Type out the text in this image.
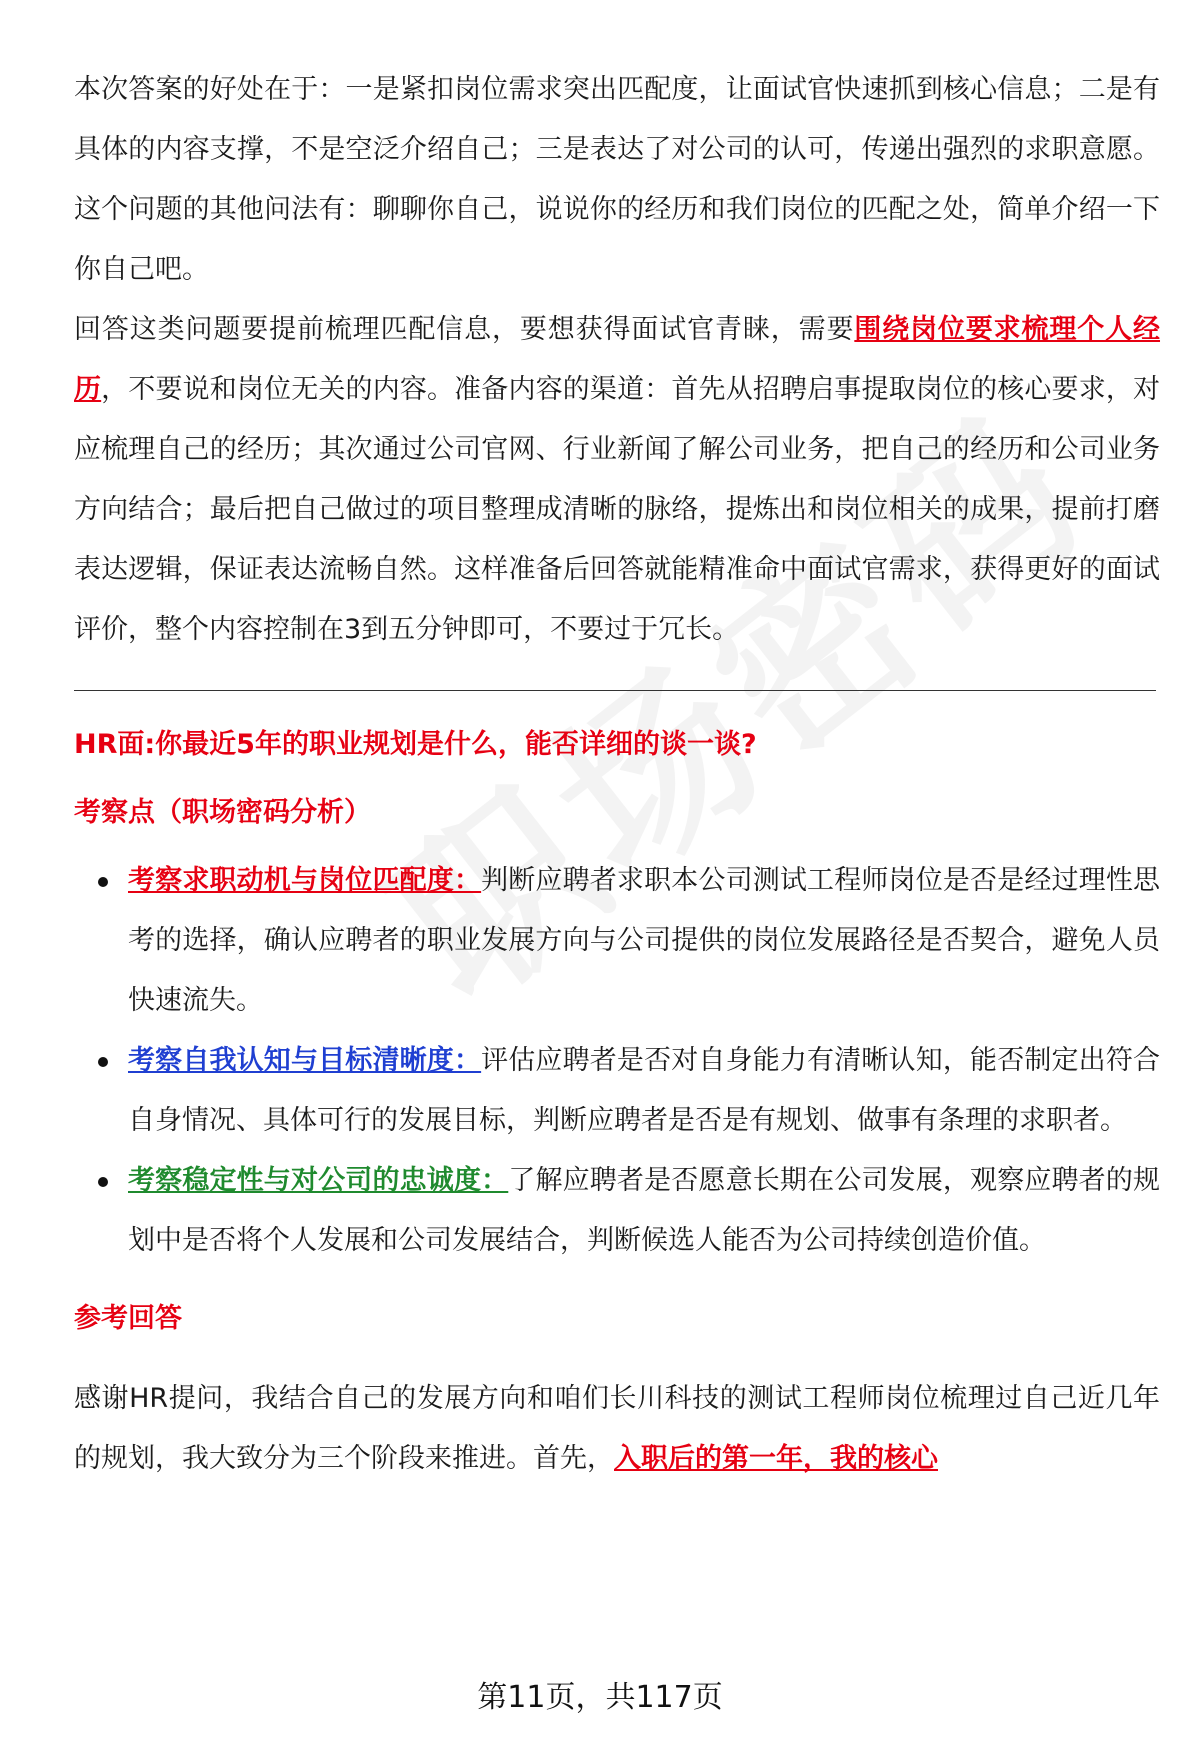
本次答案的好处在于：一是紧扣岗位需求突出匹配度，让面试官快速抓到核心信息；二是有具体的内容支撑，不是空泛介绍自己；三是表达了对公司的认可，传递出强烈的求职意愿。这个问题的其他问法有：聊聊你自己，说说你的经历和我们岗位的匹配之处，简单介绍一下你自己吧。

回答这类问题要提前梳理匹配信息，要想获得面试官青睐，需要围绕岗位要求梳理个人经历，不要说和岗位无关的内容。准备内容的渠道：首先从招聘启事提取岗位的核心要求，对应梳理自己的经历；其次通过公司官网、行业新闻了解公司业务，把自己的经历和公司业务方向结合；最后把自己做过的项目整理成清晰的脉络，提炼出和岗位相关的成果，提前打磨表达逻辑，保证表达流畅自然。这样准备后回答就能精准命中面试官需求，获得更好的面试评价，整个内容控制在3到五分钟即可，不要过于冗长。

HR面:你最近5年的职业规划是什么，能否详细的谈一谈?

考察点（职场密码分析）

考察求职动机与岗位匹配度：判断应聘者求职本公司测试工程师岗位是否是经过理性思考的选择，确认应聘者的职业发展方向与公司提供的岗位发展路径是否契合，避免人员快速流失。
考察自我认知与目标清晰度：评估应聘者是否对自身能力有清晰认知，能否制定出符合自身情况、具体可行的发展目标，判断应聘者是否是有规划、做事有条理的求职者。
考察稳定性与对公司的忠诚度：了解应聘者是否愿意长期在公司发展，观察应聘者的规划中是否将个人发展和公司发展结合，判断候选人能否为公司持续创造价值。

参考回答

感谢HR提问，我结合自己的发展方向和咱们长川科技的测试工程师岗位梳理过自己近几年的规划，我大致分为三个阶段来推进。首先，入职后的第一年，我的核心

第11页，共117页
